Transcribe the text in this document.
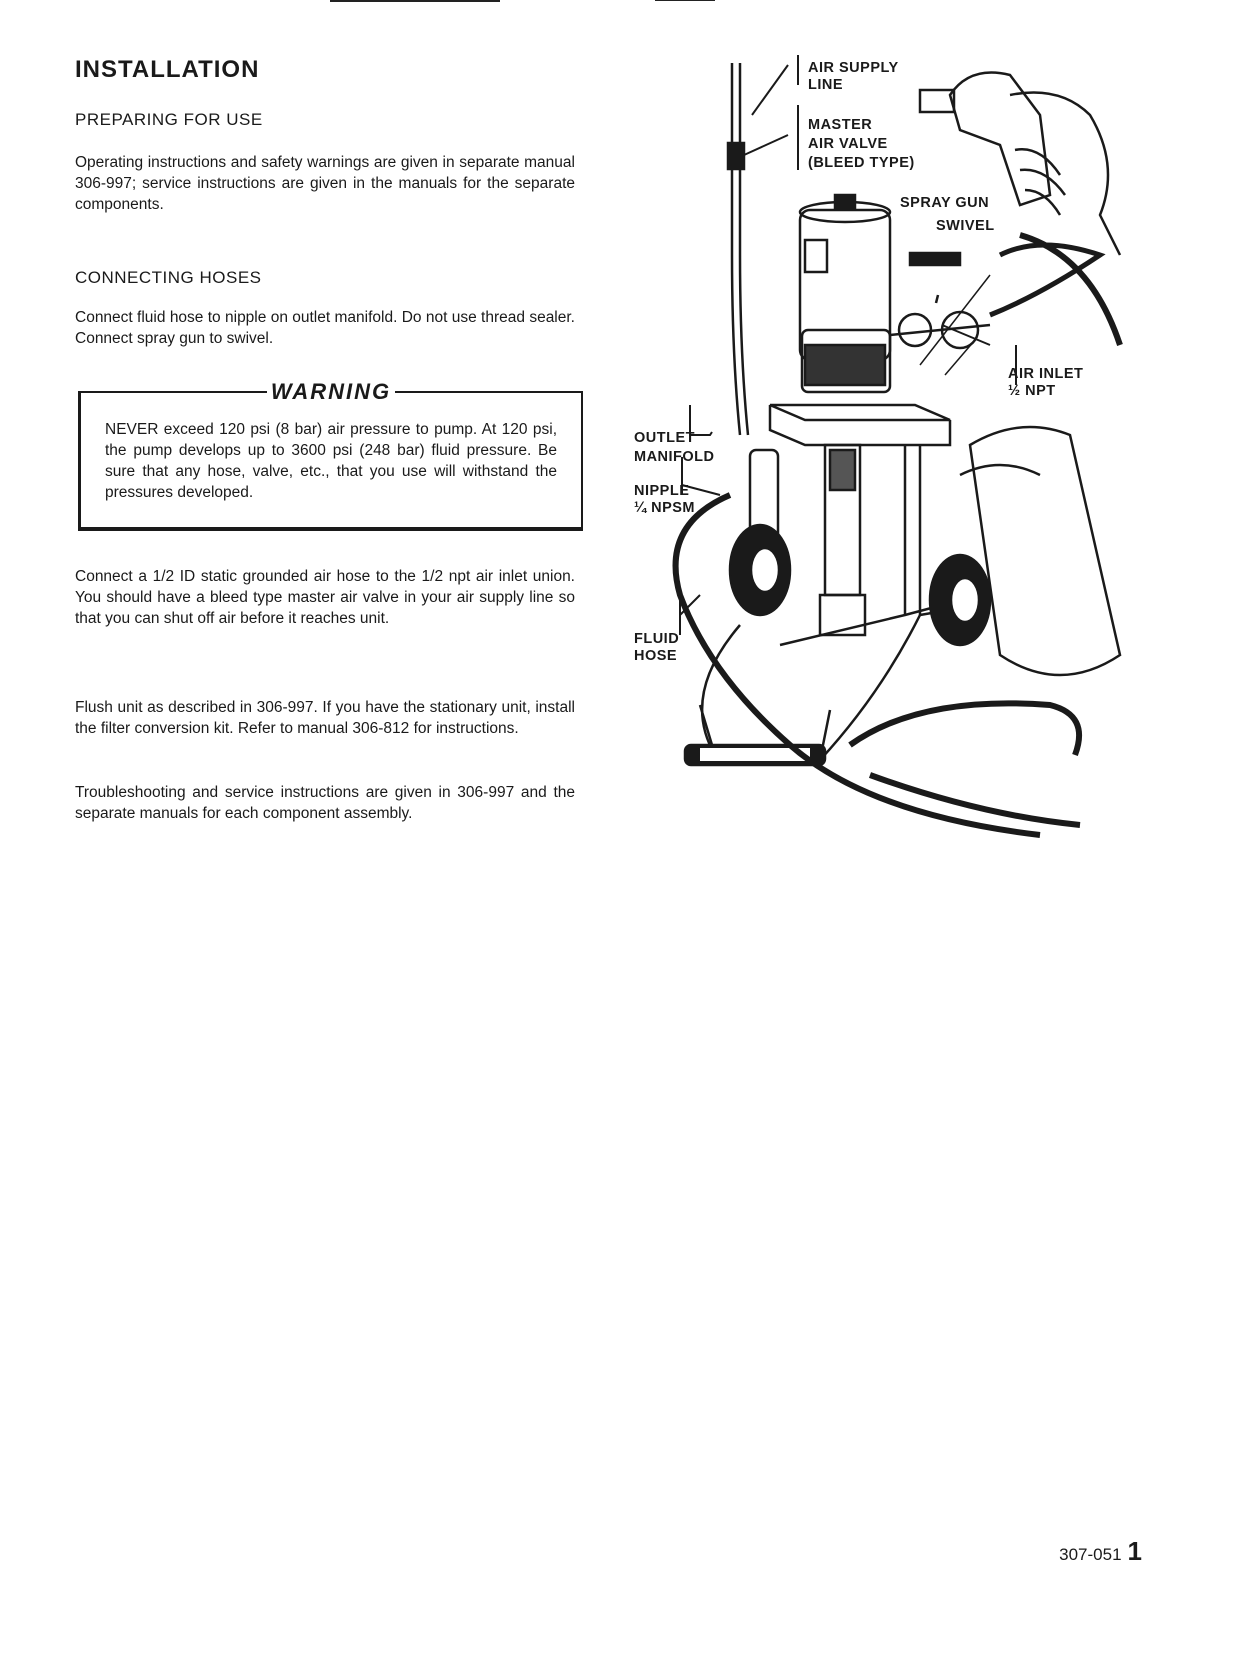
INSTALLATION
PREPARING FOR USE
Operating instructions and safety warnings are given in separate manual 306-997; service instructions are given in the manuals for the separate components.
CONNECTING HOSES
Connect fluid hose to nipple on outlet manifold. Do not use thread sealer. Connect spray gun to swivel.
WARNING
NEVER exceed 120 psi (8 bar) air pressure to pump. At 120 psi, the pump develops up to 3600 psi (248 bar) fluid pressure. Be sure that any hose, valve, etc., that you use will withstand the pressures developed.
Connect a 1/2 ID static grounded air hose to the 1/2 npt air inlet union. You should have a bleed type master air valve in your air supply line so that you can shut off air before it reaches unit.
Flush unit as described in 306-997. If you have the stationary unit, install the filter conversion kit. Refer to manual 306-812 for instructions.
Troubleshooting and service instructions are given in 306-997 and the separate manuals for each component assembly.
AIR SUPPLY
LINE
MASTER
AIR VALVE
(BLEED TYPE)
SPRAY GUN
SWIVEL
AIR INLET
½ NPT
OUTLET
MANIFOLD
NIPPLE
¼ NPSM
FLUID
HOSE
307-051 1
